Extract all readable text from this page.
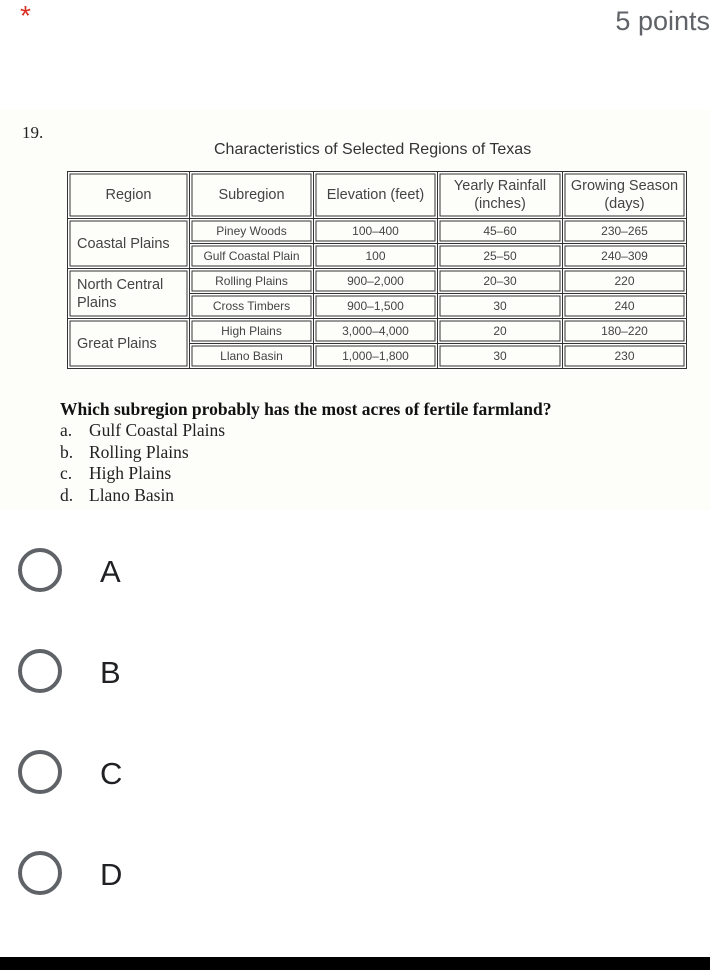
*	5 points
19.
Characteristics of Selected Regions of Texas
Region	Subregion	Elevation (feet)	Yearly Rainfall (inches)	Growing Season (days)
Coastal Plains	Piney Woods	100–400	45–60	230–265
	Gulf Coastal Plain	100	25–50	240–309
North Central Plains	Rolling Plains	900–2,000	20–30	220
	Cross Timbers	900–1,500	30	240
Great Plains	High Plains	3,000–4,000	20	180–220
	Llano Basin	1,000–1,800	30	230
Which subregion probably has the most acres of fertile farmland?
a. Gulf Coastal Plains
b. Rolling Plains
c. High Plains
d. Llano Basin
A
B
C
D
